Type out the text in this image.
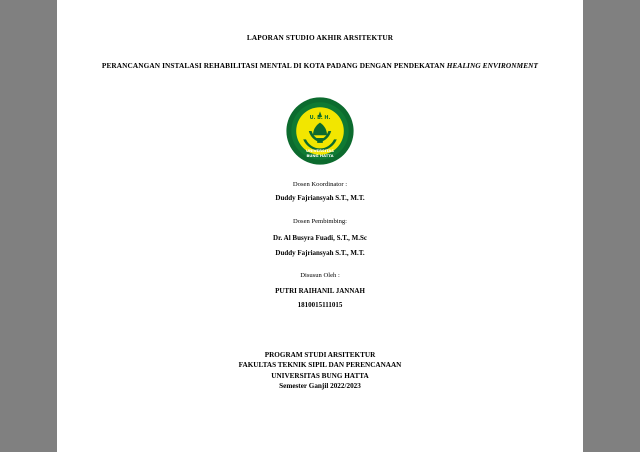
LAPORAN STUDIO AKHIR ARSITEKTUR
PERANCANGAN INSTALASI REHABILITASI MENTAL DI KOTA PADANG DENGAN PENDEKATAN HEALING ENVIRONMENT
U. B. H.
UNIVERSITAS
BUNG HATTA
Dosen Koordinator :
Duddy Fajriansyah S.T., M.T.
Dosen Pembimbing:
Dr. Al Busyra Fuadi, S.T., M.Sc
Duddy Fajriansyah S.T., M.T.
Disusun Oleh :
PUTRI RAIHANIL JANNAH
1810015111015
PROGRAM STUDI ARSITEKTUR
FAKULTAS TEKNIK SIPIL DAN PERENCANAAN
UNIVERSITAS BUNG HATTA
Semester Ganjil 2022/2023
